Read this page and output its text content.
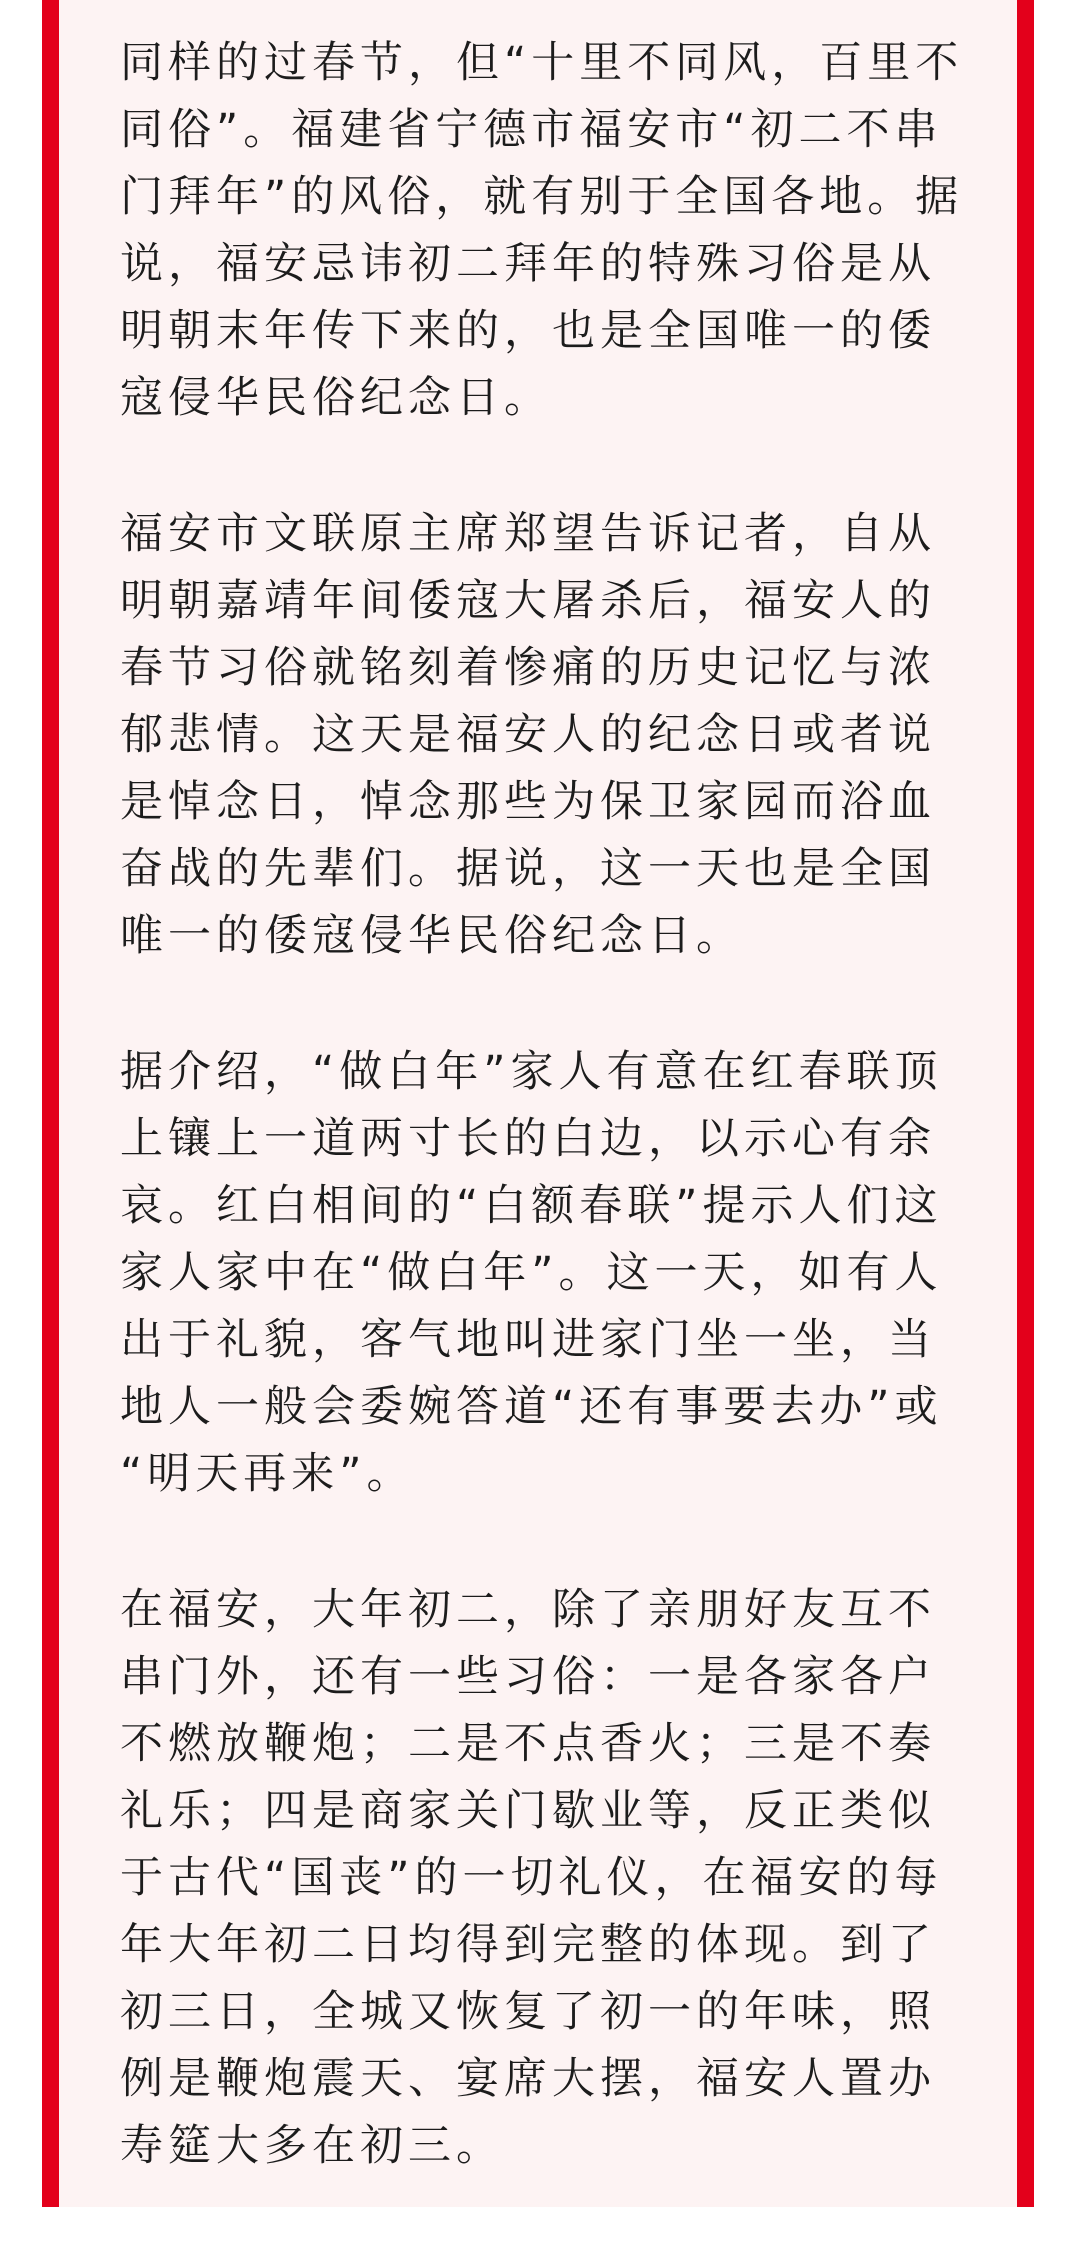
同样的过春节，但“十里不同风，百里不
同俗”。福建省宁德市福安市“初二不串
门拜年”的风俗，就有别于全国各地。据
说，福安忌讳初二拜年的特殊习俗是从
明朝末年传下来的，也是全国唯一的倭
寇侵华民俗纪念日。
福安市文联原主席郑望告诉记者，自从
明朝嘉靖年间倭寇大屠杀后，福安人的
春节习俗就铭刻着惨痛的历史记忆与浓
郁悲情。这天是福安人的纪念日或者说
是悼念日，悼念那些为保卫家园而浴血
奋战的先辈们。据说，这一天也是全国
唯一的倭寇侵华民俗纪念日。
据介绍，“做白年”家人有意在红春联顶
上镶上一道两寸长的白边，以示心有余
哀。红白相间的“白额春联”提示人们这
家人家中在“做白年”。这一天，如有人
出于礼貌，客气地叫进家门坐一坐，当
地人一般会委婉答道“还有事要去办”或
“明天再来”。
在福安，大年初二，除了亲朋好友互不
串门外，还有一些习俗：一是各家各户
不燃放鞭炮；二是不点香火；三是不奏
礼乐；四是商家关门歇业等，反正类似
于古代“国丧”的一切礼仪，在福安的每
年大年初二日均得到完整的体现。到了
初三日，全城又恢复了初一的年味，照
例是鞭炮震天、宴席大摆，福安人置办
寿筵大多在初三。
